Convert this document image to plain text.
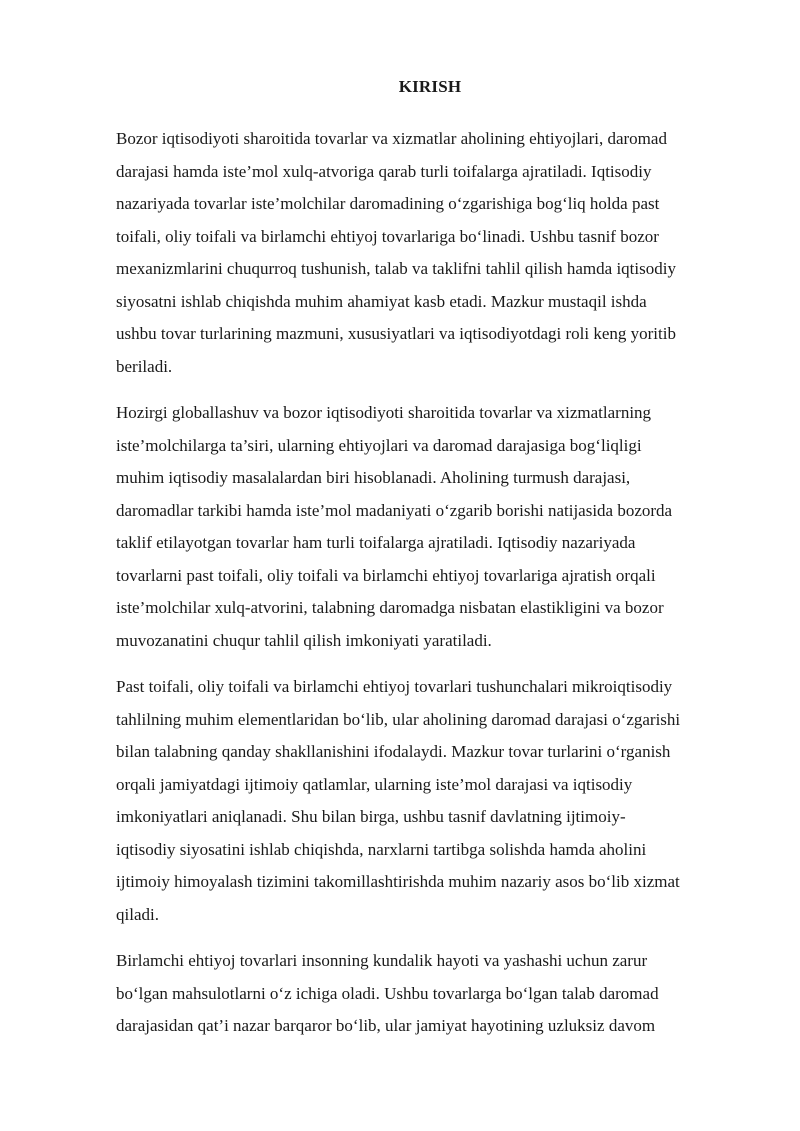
KIRISH

Bozor iqtisodiyoti sharoitida tovarlar va xizmatlar aholining ehtiyojlari, daromad
darajasi hamda iste’mol xulq-atvoriga qarab turli toifalarga ajratiladi. Iqtisodiy
nazariyada tovarlar iste’molchilar daromadining o‘zgarishiga bog‘liq holda past
toifali, oliy toifali va birlamchi ehtiyoj tovarlariga bo‘linadi. Ushbu tasnif bozor
mexanizmlarini chuqurroq tushunish, talab va taklifni tahlil qilish hamda iqtisodiy
siyosatni ishlab chiqishda muhim ahamiyat kasb etadi. Mazkur mustaqil ishda
ushbu tovar turlarining mazmuni, xususiyatlari va iqtisodiyotdagi roli keng yoritib
beriladi.

Hozirgi globallashuv va bozor iqtisodiyoti sharoitida tovarlar va xizmatlarning
iste’molchilarga ta’siri, ularning ehtiyojlari va daromad darajasiga bog‘liqligi
muhim iqtisodiy masalalardan biri hisoblanadi. Aholining turmush darajasi,
daromadlar tarkibi hamda iste’mol madaniyati o‘zgarib borishi natijasida bozorda
taklif etilayotgan tovarlar ham turli toifalarga ajratiladi. Iqtisodiy nazariyada
tovarlarni past toifali, oliy toifali va birlamchi ehtiyoj tovarlariga ajratish orqali
iste’molchilar xulq-atvorini, talabning daromadga nisbatan elastikligini va bozor
muvozanatini chuqur tahlil qilish imkoniyati yaratiladi.

Past toifali, oliy toifali va birlamchi ehtiyoj tovarlari tushunchalari mikroiqtisodiy
tahlilning muhim elementlaridan bo‘lib, ular aholining daromad darajasi o‘zgarishi
bilan talabning qanday shakllanishini ifodalaydi. Mazkur tovar turlarini o‘rganish
orqali jamiyatdagi ijtimoiy qatlamlar, ularning iste’mol darajasi va iqtisodiy
imkoniyatlari aniqlanadi. Shu bilan birga, ushbu tasnif davlatning ijtimoiy-
iqtisodiy siyosatini ishlab chiqishda, narxlarni tartibga solishda hamda aholini
ijtimoiy himoyalash tizimini takomillashtirishda muhim nazariy asos bo‘lib xizmat
qiladi.

Birlamchi ehtiyoj tovarlari insonning kundalik hayoti va yashashi uchun zarur
bo‘lgan mahsulotlarni o‘z ichiga oladi. Ushbu tovarlarga bo‘lgan talab daromad
darajasidan qat’i nazar barqaror bo‘lib, ular jamiyat hayotining uzluksiz davom
